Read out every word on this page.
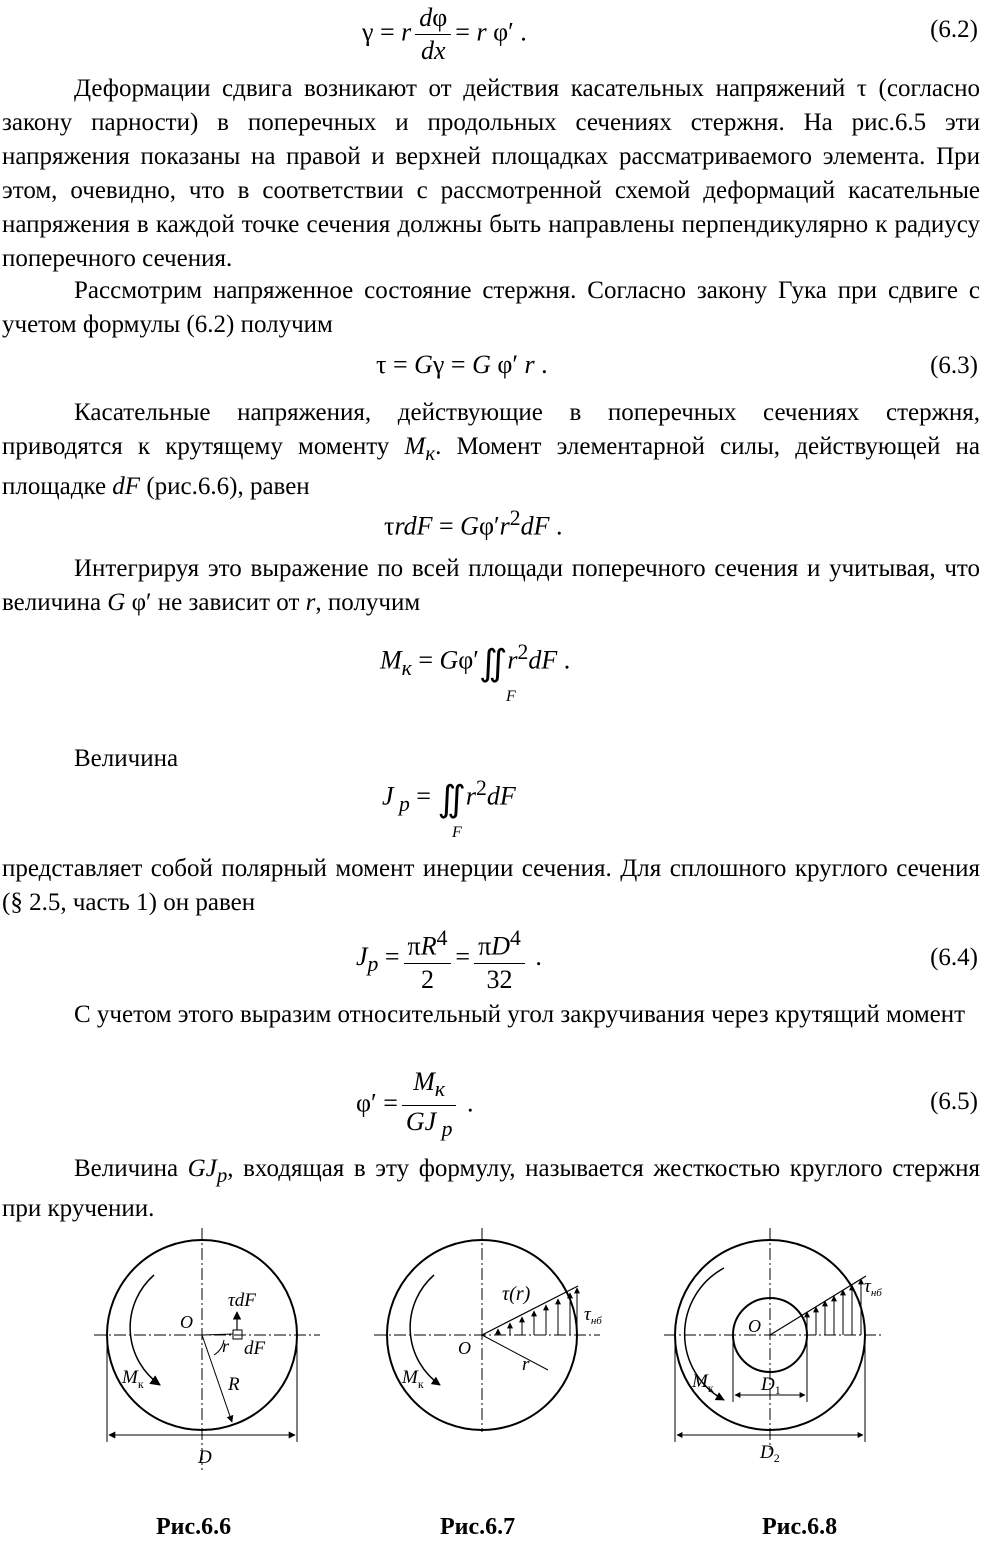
γ = r $\frac{d\varphi}{dx} = r$ φ′ .	(6.2)
Деформации сдвига возникают от действия касательных напряжений τ (согласно закону парности) в поперечных и продольных сечениях стержня. На рис.6.5 эти напряжения показаны на правой и верхней площадках рассматриваемого элемента. При этом, очевидно, что в соответствии с рассмотренной схемой деформаций касательные напряжения в каждой точке сечения должны быть направлены перпендикулярно к радиусу поперечного сечения.
Рассмотрим напряженное состояние стержня. Согласно закону Гука при сдвиге с учетом формулы (6.2) получим
τ = Gγ = G φ′ r .	(6.3)
Касательные напряжения, действующие в поперечных сечениях стержня, приводятся к крутящему моменту $M_к$. Момент элементарной силы, действующей на площадке dF (рис.6.6), равен
$\tau rdF = G\varphi'r^2dF$ .
Интегрируя это выражение по всей площади поперечного сечения и учитывая, что величина G φ′ не зависит от r, получим
$M_к$ = $G\varphi'∬r^2dF$ .
F
Величина
J $_p = ∬r^2dF$
F
представляет собой полярный момент инерции сечения. Для сплошного круглого сечения (§ 2.5, часть 1) он равен
$J_p = \frac{\pi R^4}{2} = \frac{\pi D^4}{32}$ .	(6.4)
С учетом этого выразим относительный угол закручивания через крутящий момент
$\varphi' = \frac{M_к}{GJ _p}$ .	(6.5)
Величина $GJ_p$, входящая в эту формулу, называется жесткостью круглого стержня при кручении.
O
τdF
r dF
R
$M_к$
D
Рис.6.6
O
τ(r)
$\tau_{нб}$
r
$M_к$
Рис.6.7
O
$\tau_{нб}$
$M_к$ $D_1$
$D_2$
Рис.6.8
